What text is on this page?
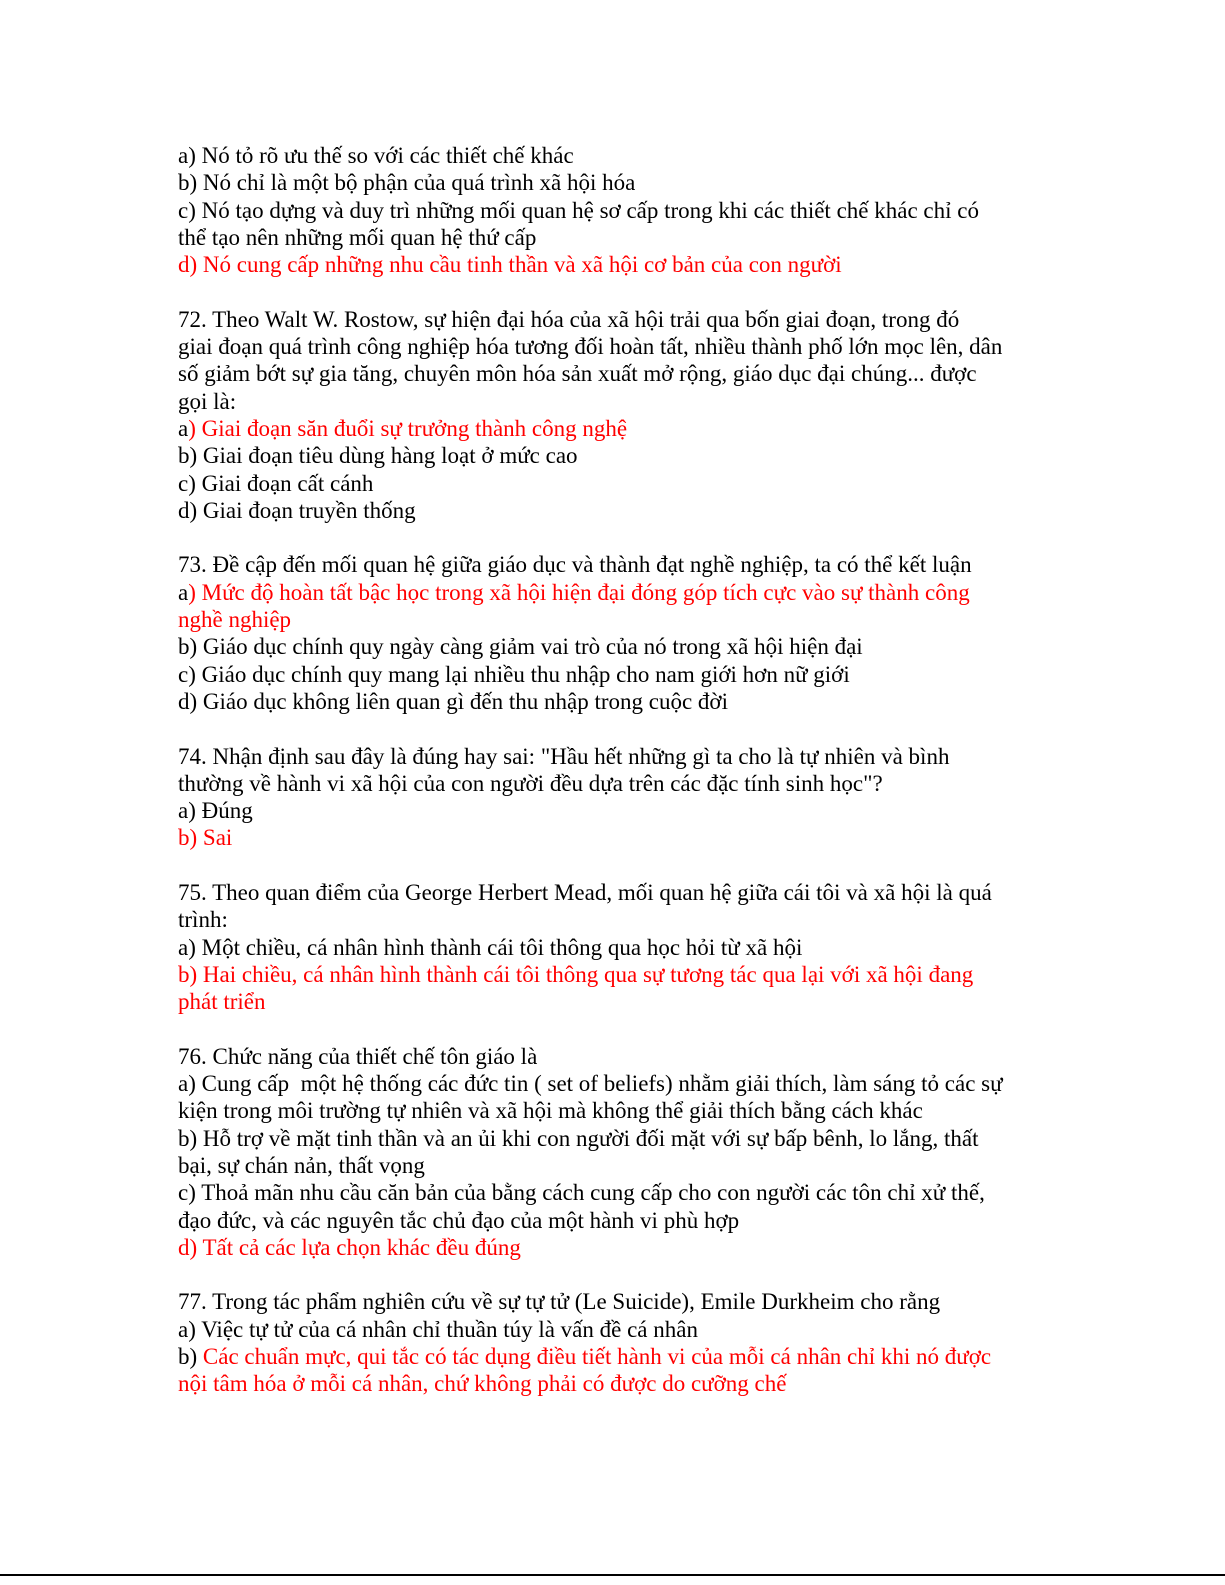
a) Nó tỏ rõ ưu thế so với các thiết chế khác
b) Nó chỉ là một bộ phận của quá trình xã hội hóa
c) Nó tạo dựng và duy trì những mối quan hệ sơ cấp trong khi các thiết chế khác chỉ có
thể tạo nên những mối quan hệ thứ cấp
d) Nó cung cấp những nhu cầu tinh thần và xã hội cơ bản của con người
72. Theo Walt W. Rostow, sự hiện đại hóa của xã hội trải qua bốn giai đoạn, trong đó
giai đoạn quá trình công nghiệp hóa tương đối hoàn tất, nhiều thành phố lớn mọc lên, dân
số giảm bớt sự gia tăng, chuyên môn hóa sản xuất mở rộng, giáo dục đại chúng... được
gọi là:
a) Giai đoạn săn đuổi sự trưởng thành công nghệ
b) Giai đoạn tiêu dùng hàng loạt ở mức cao
c) Giai đoạn cất cánh
d) Giai đoạn truyền thống
73. Đề cập đến mối quan hệ giữa giáo dục và thành đạt nghề nghiệp, ta có thể kết luận
a) Mức độ hoàn tất bậc học trong xã hội hiện đại đóng góp tích cực vào sự thành công
nghề nghiệp
b) Giáo dục chính quy ngày càng giảm vai trò của nó trong xã hội hiện đại
c) Giáo dục chính quy mang lại nhiều thu nhập cho nam giới hơn nữ giới
d) Giáo dục không liên quan gì đến thu nhập trong cuộc đời
74. Nhận định sau đây là đúng hay sai: "Hầu hết những gì ta cho là tự nhiên và bình
thường về hành vi xã hội của con người đều dựa trên các đặc tính sinh học"?
a) Đúng
b) Sai
75. Theo quan điểm của George Herbert Mead, mối quan hệ giữa cái tôi và xã hội là quá
trình:
a) Một chiều, cá nhân hình thành cái tôi thông qua học hỏi từ xã hội
b) Hai chiều, cá nhân hình thành cái tôi thông qua sự tương tác qua lại với xã hội đang
phát triển
76. Chức năng của thiết chế tôn giáo là
a) Cung cấp  một hệ thống các đức tin ( set of beliefs) nhằm giải thích, làm sáng tỏ các sự
kiện trong môi trường tự nhiên và xã hội mà không thể giải thích bằng cách khác
b) Hỗ trợ về mặt tinh thần và an ủi khi con người đối mặt với sự bấp bênh, lo lắng, thất
bại, sự chán nản, thất vọng
c) Thoả mãn nhu cầu căn bản của bằng cách cung cấp cho con người các tôn chỉ xử thế,
đạo đức, và các nguyên tắc chủ đạo của một hành vi phù hợp
d) Tất cả các lựa chọn khác đều đúng
77. Trong tác phẩm nghiên cứu về sự tự tử (Le Suicide), Emile Durkheim cho rằng
a) Việc tự tử của cá nhân chỉ thuần túy là vấn đề cá nhân
b) Các chuẩn mực, qui tắc có tác dụng điều tiết hành vi của mỗi cá nhân chỉ khi nó được
nội tâm hóa ở mỗi cá nhân, chứ không phải có được do cưỡng chế
